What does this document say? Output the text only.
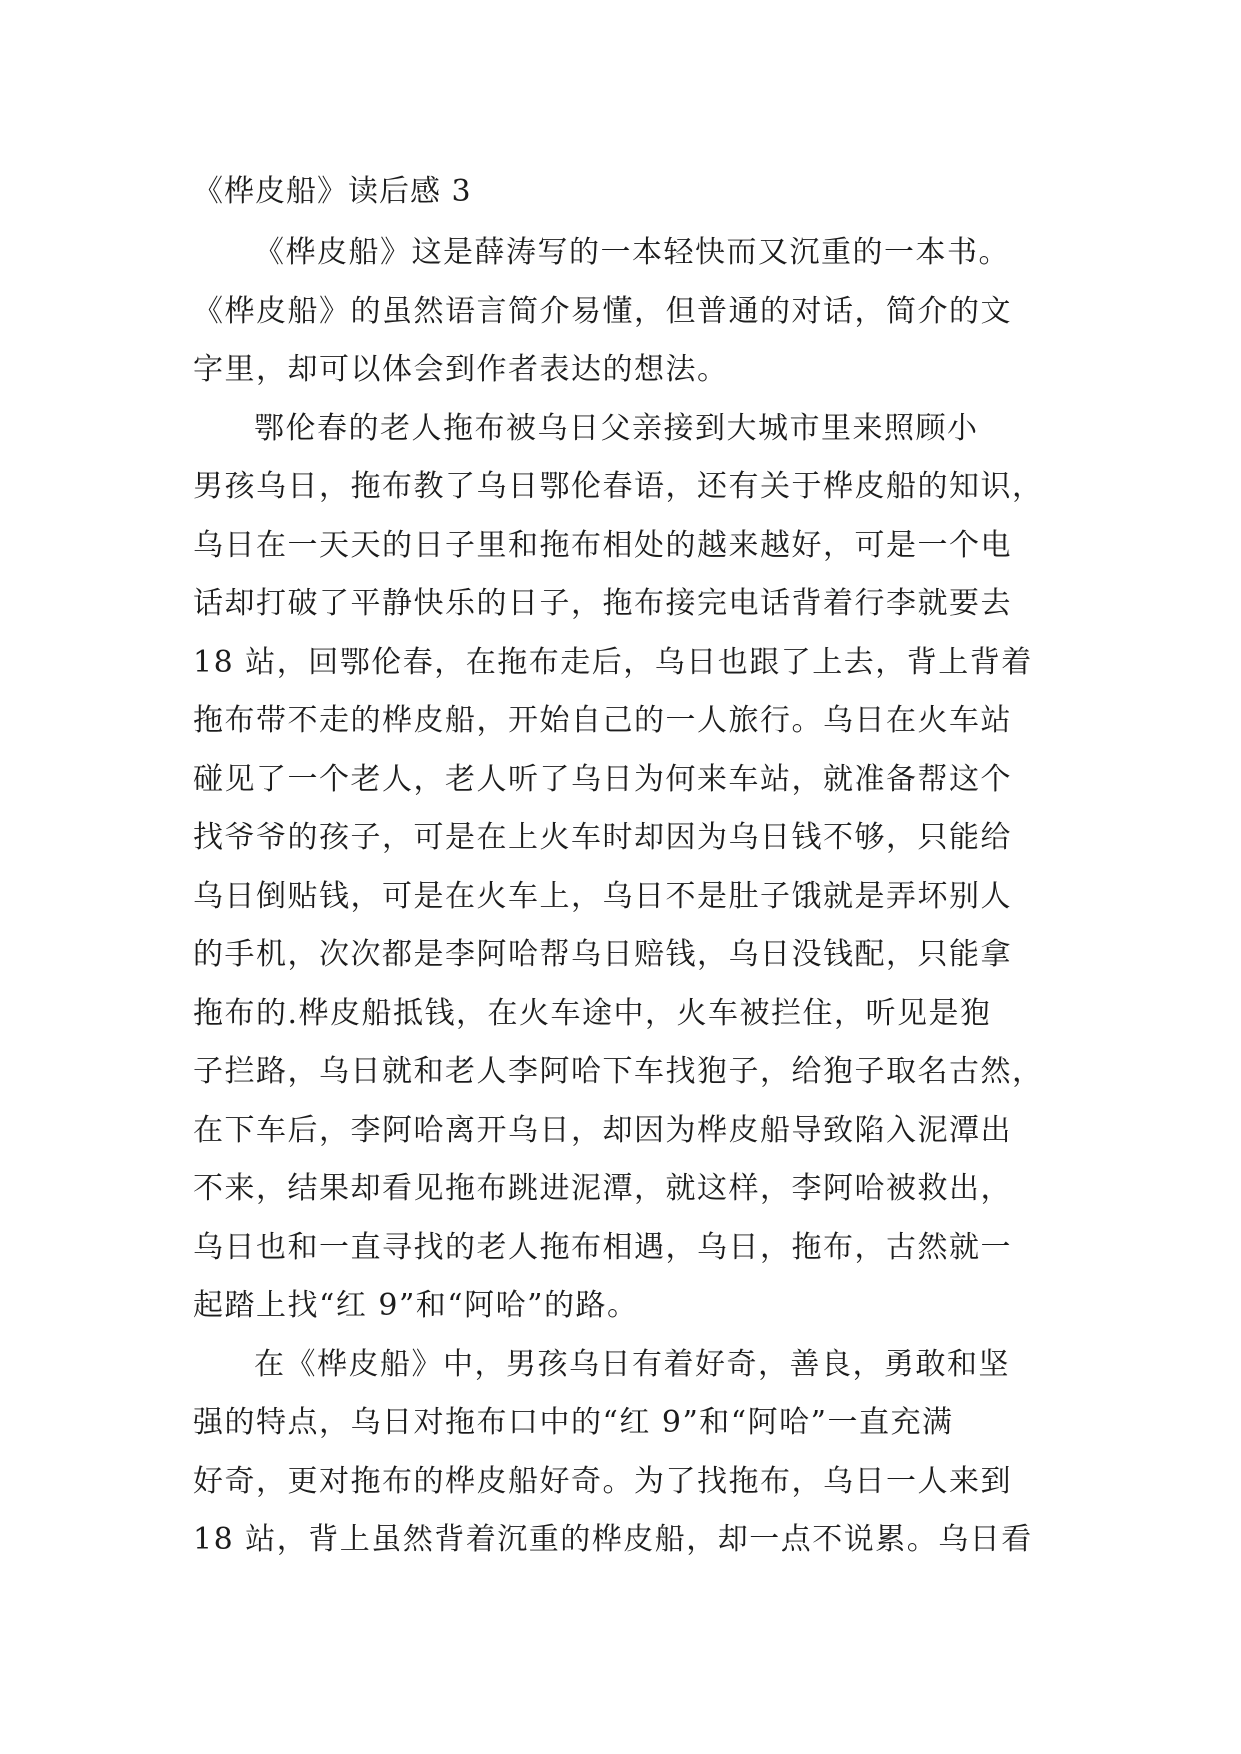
《桦皮船》读后感 3
《桦皮船》这是薛涛写的一本轻快而又沉重的一本书。
《桦皮船》的虽然语言简介易懂，但普通的对话，简介的文
字里，却可以体会到作者表达的想法。
鄂伦春的老人拖布被乌日父亲接到大城市里来照顾小
男孩乌日，拖布教了乌日鄂伦春语，还有关于桦皮船的知识，
乌日在一天天的日子里和拖布相处的越来越好，可是一个电
话却打破了平静快乐的日子，拖布接完电话背着行李就要去
18 站，回鄂伦春，在拖布走后，乌日也跟了上去，背上背着
拖布带不走的桦皮船，开始自己的一人旅行。乌日在火车站
碰见了一个老人，老人听了乌日为何来车站，就准备帮这个
找爷爷的孩子，可是在上火车时却因为乌日钱不够，只能给
乌日倒贴钱，可是在火车上，乌日不是肚子饿就是弄坏别人
的手机，次次都是李阿哈帮乌日赔钱，乌日没钱配，只能拿
拖布的.桦皮船抵钱，在火车途中，火车被拦住，听见是狍
子拦路，乌日就和老人李阿哈下车找狍子，给狍子取名古然，
在下车后，李阿哈离开乌日，却因为桦皮船导致陷入泥潭出
不来，结果却看见拖布跳进泥潭，就这样，李阿哈被救出，
乌日也和一直寻找的老人拖布相遇，乌日，拖布，古然就一
起踏上找“红 9”和“阿哈”的路。
在《桦皮船》中，男孩乌日有着好奇，善良，勇敢和坚
强的特点，乌日对拖布口中的“红 9”和“阿哈”一直充满
好奇，更对拖布的桦皮船好奇。为了找拖布，乌日一人来到
18 站，背上虽然背着沉重的桦皮船，却一点不说累。乌日看
